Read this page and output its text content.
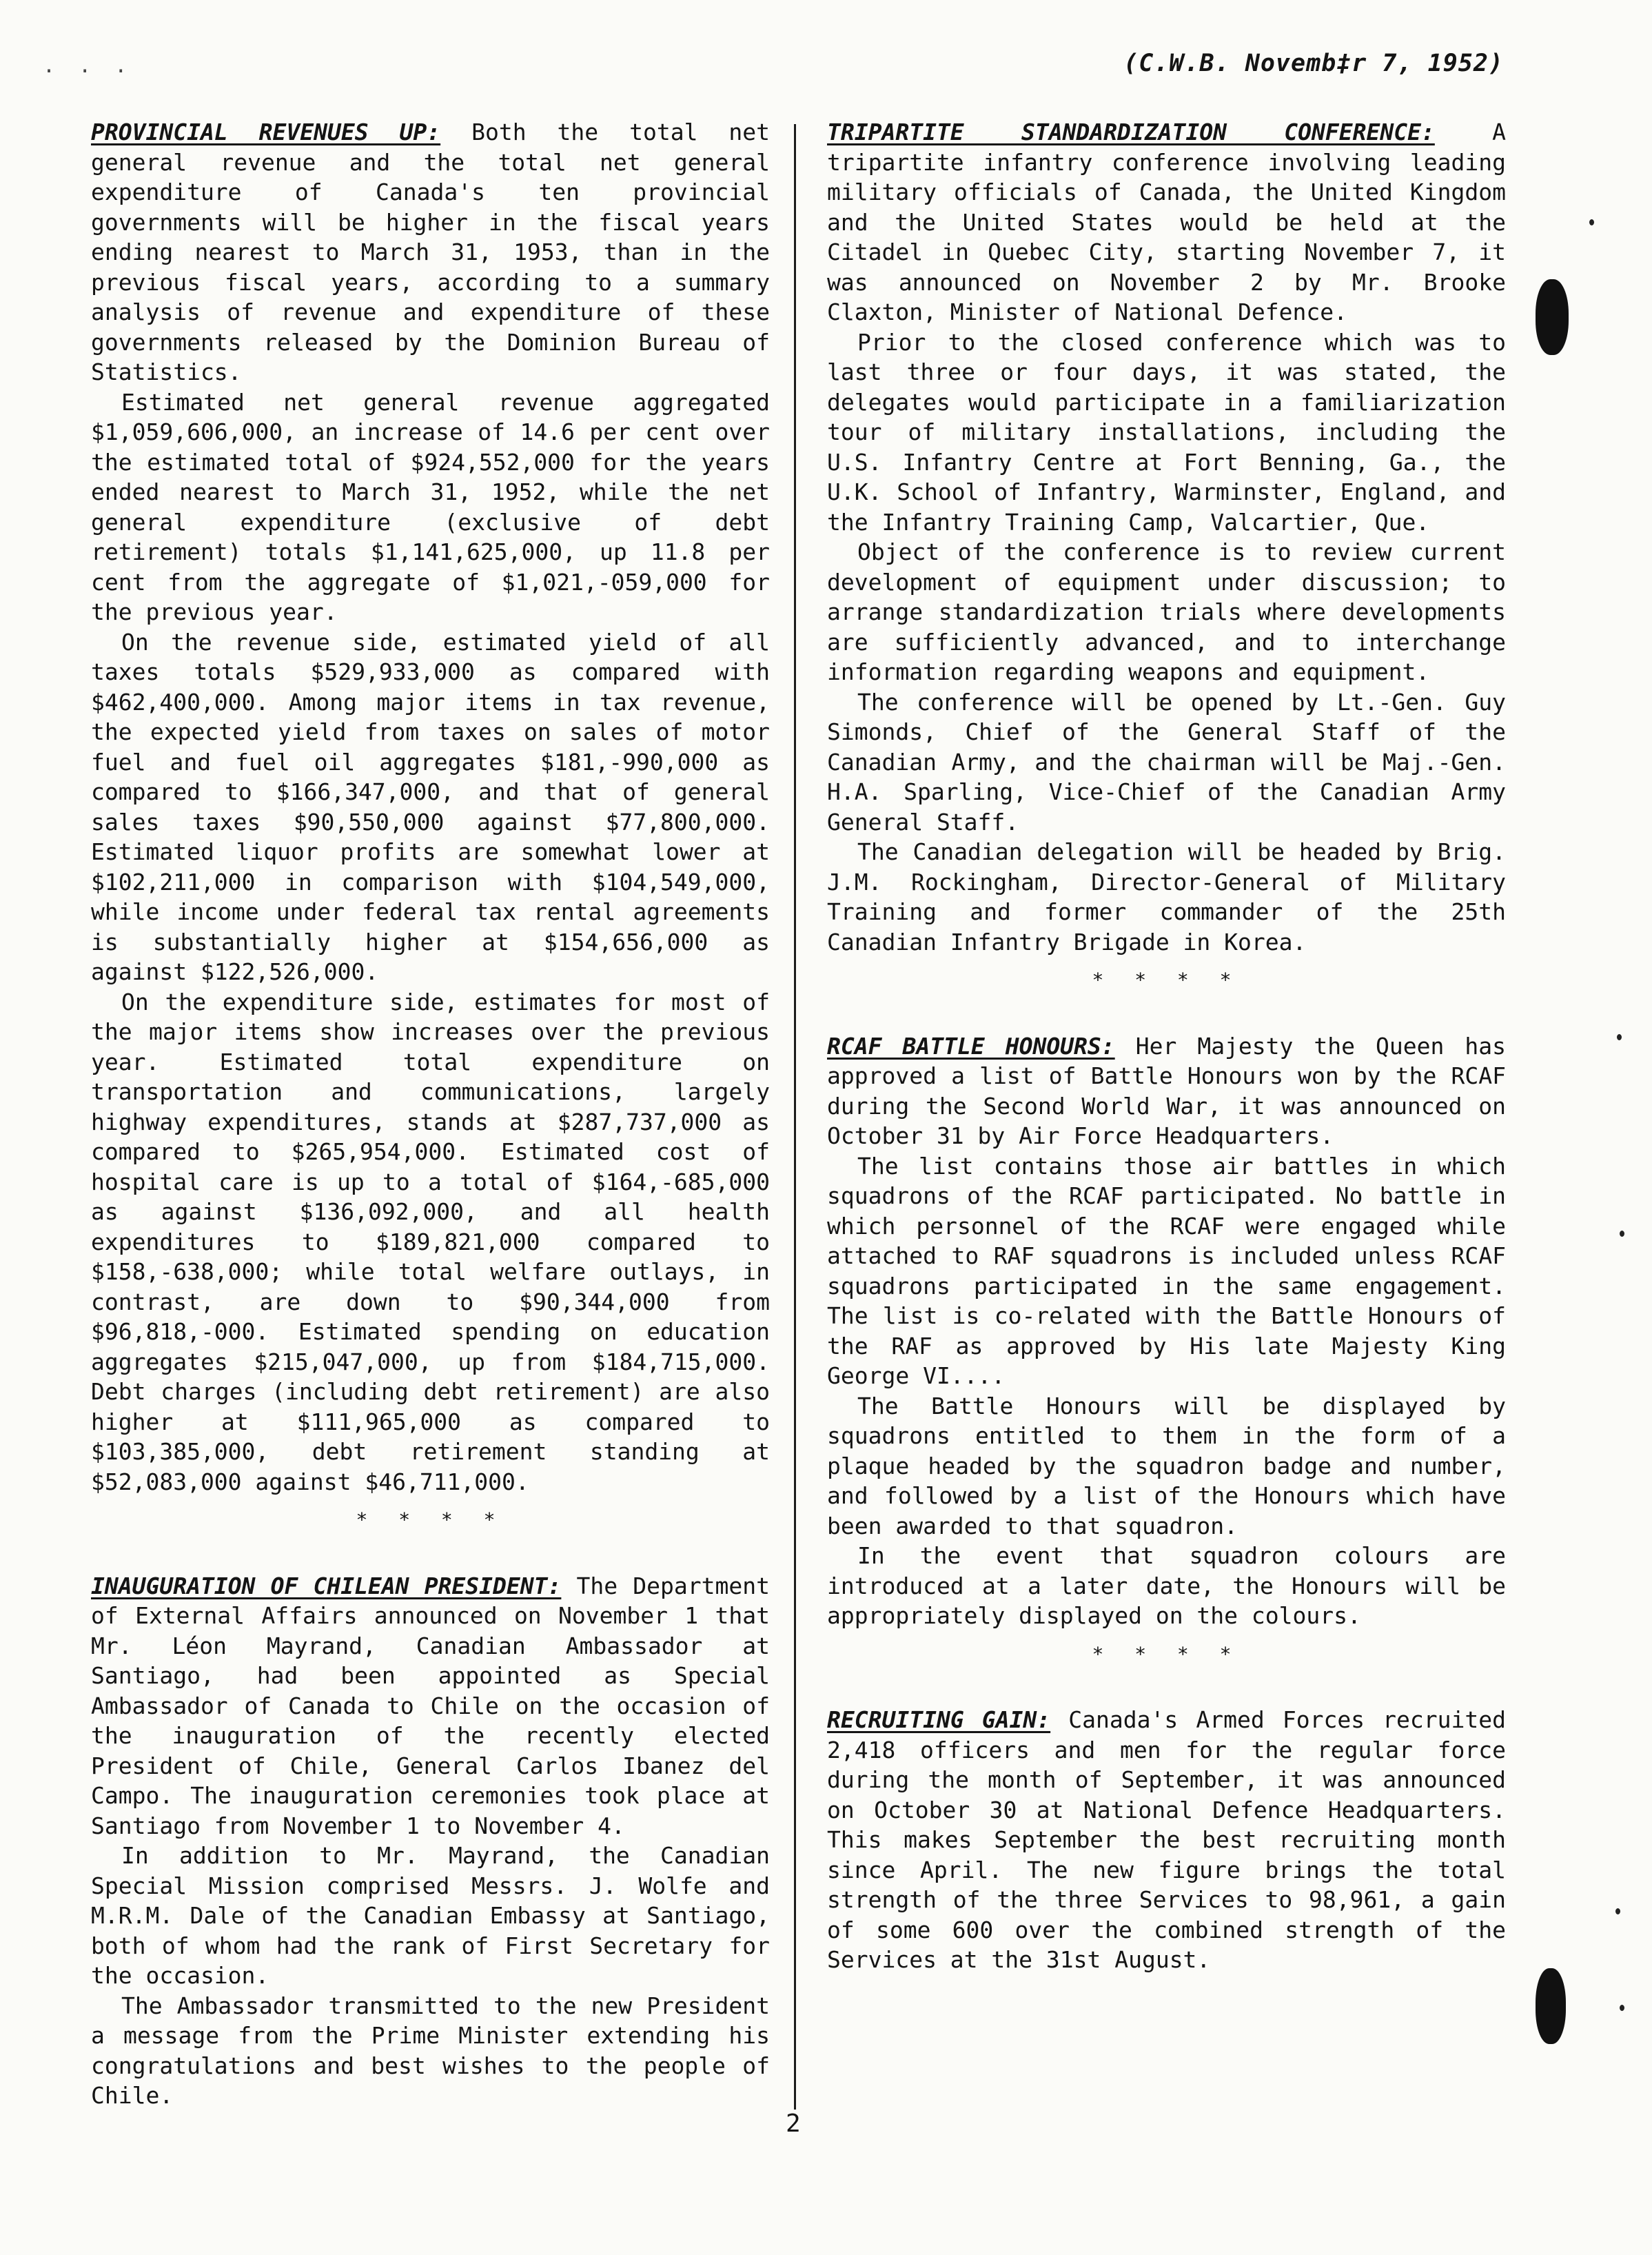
. . .	(C.W.B. Novemb‡r 7, 1952)

PROVINCIAL REVENUES UP: Both the total net general revenue and the total net general expenditure of Canada's ten provincial governments will be higher in the fiscal years ending nearest to March 31, 1953, than in the previous fiscal years, according to a summary analysis of revenue and expenditure of these governments released by the Dominion Bureau of Statistics.

Estimated net general revenue aggregated $1,059,606,000, an increase of 14.6 per cent over the estimated total of $924,552,000 for the years ended nearest to March 31, 1952, while the net general expenditure (exclusive of debt retirement) totals $1,141,625,000, up 11.8 per cent from the aggregate of $1,021,-059,000 for the previous year.

On the revenue side, estimated yield of all taxes totals $529,933,000 as compared with $462,400,000. Among major items in tax revenue, the expected yield from taxes on sales of motor fuel and fuel oil aggregates $181,-990,000 as compared to $166,347,000, and that of general sales taxes $90,550,000 against $77,800,000. Estimated liquor profits are somewhat lower at $102,211,000 in comparison with $104,549,000, while income under federal tax rental agreements is substantially higher at $154,656,000 as against $122,526,000.

On the expenditure side, estimates for most of the major items show increases over the previous year. Estimated total expenditure on transportation and communications, largely highway expenditures, stands at $287,737,000 as compared to $265,954,000. Estimated cost of hospital care is up to a total of $164,-685,000 as against $136,092,000, and all health expenditures to $189,821,000 compared to $158,-638,000; while total welfare outlays, in contrast, are down to $90,344,000 from $96,818,-000. Estimated spending on education aggregates $215,047,000, up from $184,715,000. Debt charges (including debt retirement) are also higher at $111,965,000 as compared to $103,385,000, debt retirement standing at $52,083,000 against $46,711,000.

* * * *

INAUGURATION OF CHILEAN PRESIDENT: The Department of External Affairs announced on November 1 that Mr. Léon Mayrand, Canadian Ambassador at Santiago, had been appointed as Special Ambassador of Canada to Chile on the occasion of the inauguration of the recently elected President of Chile, General Carlos Ibanez del Campo. The inauguration ceremonies took place at Santiago from November 1 to November 4.

In addition to Mr. Mayrand, the Canadian Special Mission comprised Messrs. J. Wolfe and M.R.M. Dale of the Canadian Embassy at Santiago, both of whom had the rank of First Secretary for the occasion.

The Ambassador transmitted to the new President a message from the Prime Minister extending his congratulations and best wishes to the people of Chile.

TRIPARTITE STANDARDIZATION CONFERENCE:	A tripartite infantry conference involving leading military officials of Canada, the United Kingdom and the United States would be held at the Citadel in Quebec City, starting November 7, it was announced on November 2 by Mr. Brooke Claxton, Minister of National Defence.

Prior to the closed conference which was to last three or four days, it was stated, the delegates would participate in a familiarization tour of military installations, including the U.S. Infantry Centre at Fort Benning, Ga., the U.K. School of Infantry, Warminster, England, and the Infantry Training Camp, Valcartier, Que.

Object of the conference is to review current development of equipment under discussion; to arrange standardization trials where developments are sufficiently advanced, and to interchange information regarding weapons and equipment.

The conference will be opened by Lt.-Gen. Guy Simonds, Chief of the General Staff of the Canadian Army, and the chairman will be Maj.-Gen. H.A. Sparling, Vice-Chief of the Canadian Army General Staff.

The Canadian delegation will be headed by Brig. J.M. Rockingham, Director-General of Military Training and former commander of the 25th Canadian Infantry Brigade in Korea.

* * * *

RCAF BATTLE HONOURS: Her Majesty the Queen has approved a list of Battle Honours won by the RCAF during the Second World War, it was announced on October 31 by Air Force Headquarters.

The list contains those air battles in which squadrons of the RCAF participated. No battle in which personnel of the RCAF were engaged while attached to RAF squadrons is included unless RCAF squadrons participated in the same engagement. The list is co-related with the Battle Honours of the RAF as approved by His late Majesty King George VI....

The Battle Honours will be displayed by squadrons entitled to them in the form of a plaque headed by the squadron badge and number, and followed by a list of the Honours which have been awarded to that squadron.

In the event that squadron colours are introduced at a later date, the Honours will be appropriately displayed on the colours.

* * * *

RECRUITING GAIN: Canada's Armed Forces recruited 2,418 officers and men for the regular force during the month of September, it was announced on October 30 at National Defence Headquarters. This makes September the best recruiting month since April. The new figure brings the total strength of the three Services to 98,961, a gain of some 600 over the combined strength of the Services at the 31st August.

2
